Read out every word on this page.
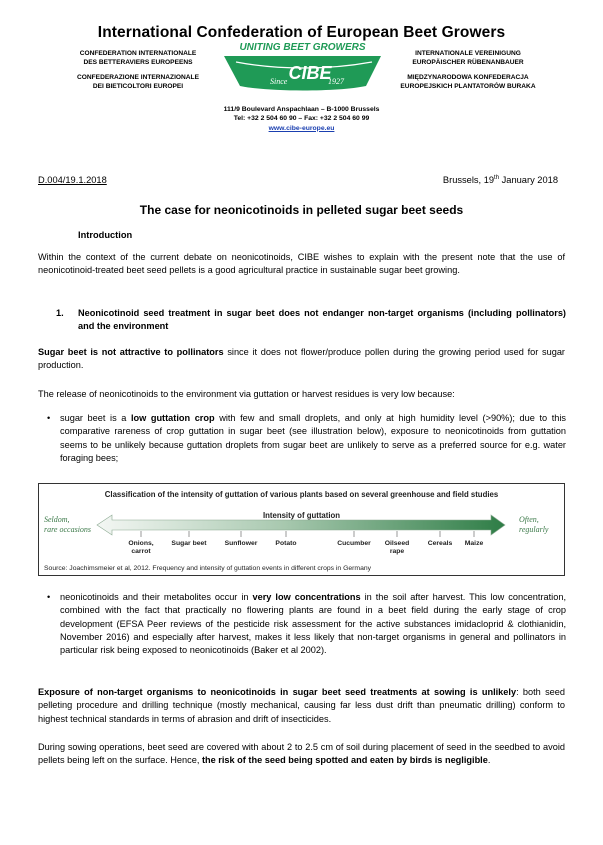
International Confederation of European Beet Growers
CONFEDERATION INTERNATIONALE
DES BETTERAVIERS EUROPEENS
CONFEDERAZIONE INTERNAZIONALE
DEI BIETICOLTORI EUROPEI
INTERNATIONALE VEREINIGUNG
EUROPÄISCHER RÜBENANBAUER
MIĘDZYNARODOWA KONFEDERACJA
EUROPEJSKICH PLANTATORÓW BURAKA
UNITING BEET GROWERS
CIBE
Since	1927
111/9 Boulevard Anspachlaan – B-1000 Brussels
Tel: +32 2 504 60 90 – Fax: +32 2 504 60 99
www.cibe-europe.eu
D.004/19.1.2018	Brussels, 19th January 2018
The case for neonicotinoids in pelleted sugar beet seeds
Introduction
Within the context of the current debate on neonicotinoids, CIBE wishes to explain with the present note that the use of neonicotinoid-treated beet seed pellets is a good agricultural practice in sustainable sugar beet growing.
1. Neonicotinoid seed treatment in sugar beet does not endanger non-target organisms (including pollinators) and the environment
Sugar beet is not attractive to pollinators since it does not flower/produce pollen during the growing period used for sugar production.
The release of neonicotinoids to the environment via guttation or harvest residues is very low because:
• sugar beet is a low guttation crop with few and small droplets, and only at high humidity level (>90%); due to this comparative rareness of crop guttation in sugar beet (see illustration below), exposure to neonicotinoids from guttation seems to be unlikely because guttation droplets from sugar beet are unlikely to serve as a preferred source for e.g. water foraging bees;
Classification of the intensity of guttation of various plants based on several greenhouse and field studies
Intensity of guttation
Seldom,
rare occasions
Often,
regularly
Onions,
carrot
Sugar beet	Sunflower	Potato	Cucumber	Oilseed
rape
Cereals	Maize
Source: Joachimsmeier et al, 2012. Frequency and intensity of guttation events in different crops in Germany
• neonicotinoids and their metabolites occur in very low concentrations in the soil after harvest. This low concentration, combined with the fact that practically no flowering plants are found in a beet field during the early stage of crop development (EFSA Peer reviews of the pesticide risk assessment for the active substances imidacloprid & clothianidin, November 2016) and especially after harvest, makes it less likely that non-target organisms in general and pollinators in particular risk being exposed to neonicotinoids (Baker et al 2002).
Exposure of non-target organisms to neonicotinoids in sugar beet seed treatments at sowing is unlikely: both seed pelleting procedure and drilling technique (mostly mechanical, causing far less dust drift than pneumatic drilling) conform to highest technical standards in terms of abrasion and drift of insecticides.
During sowing operations, beet seed are covered with about 2 to 2.5 cm of soil during placement of seed in the seedbed to avoid pellets being left on the surface. Hence, the risk of the seed being spotted and eaten by birds is negligible.
